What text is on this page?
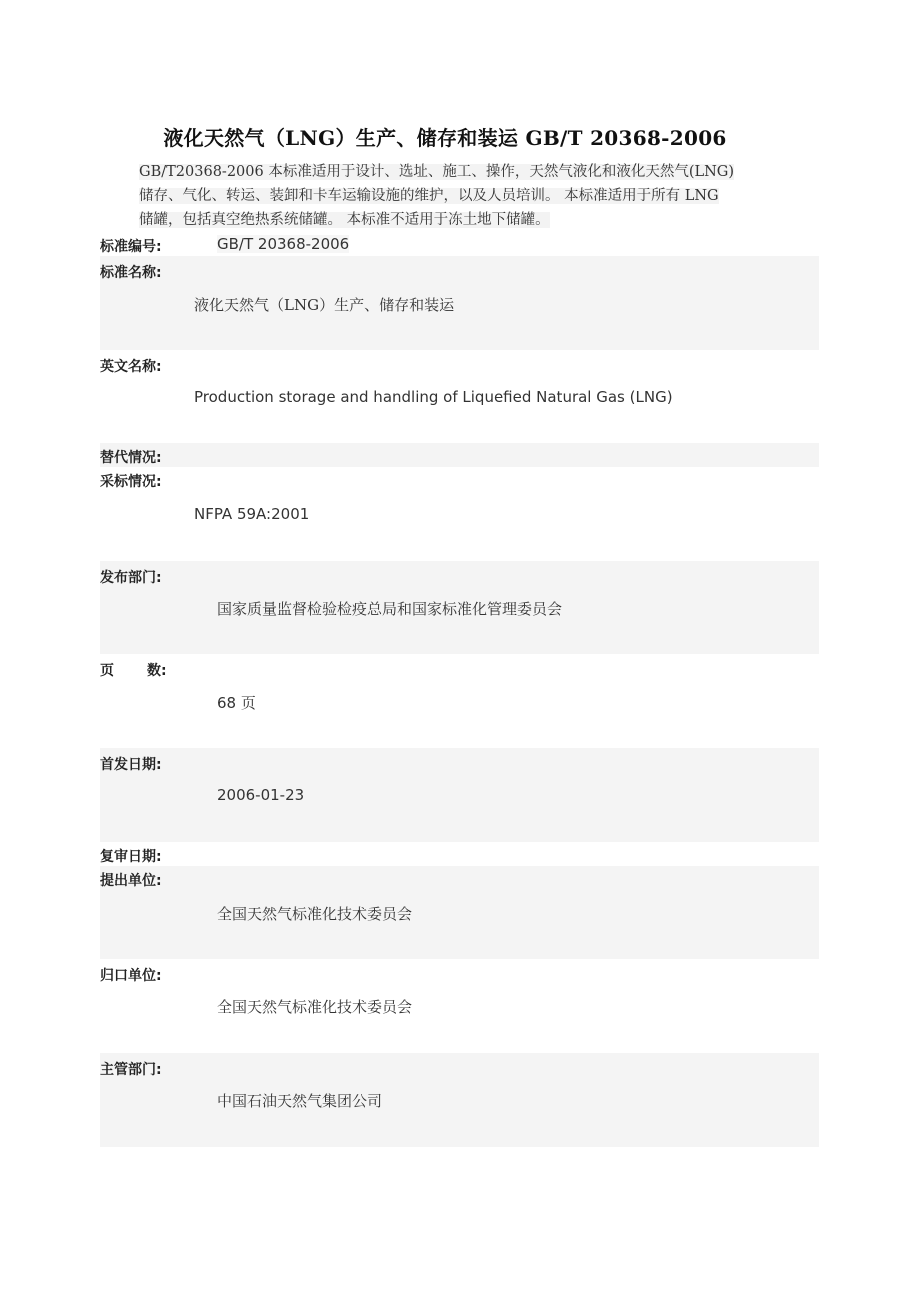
液化天然气（LNG）生产、储存和装运 GB/T 20368-2006
GB/T20368-2006 本标准适用于设计、选址、施工、操作，天然气液化和液化天然气(LNG)
储存、气化、转运、装卸和卡车运输设施的维护，以及人员培训。 本标准适用于所有 LNG
储罐，包括真空绝热系统储罐。 本标准不适用于冻土地下储罐。
标准编号:	GB/T 20368-2006
标准名称:
液化天然气（LNG）生产、储存和装运
英文名称:
Production storage and handling of Liquefied Natural Gas (LNG)
替代情况:
采标情况:
NFPA 59A:2001
发布部门:
国家质量监督检验检疫总局和国家标准化管理委员会
页 数:
68 页
首发日期:
2006-01-23
复审日期:
提出单位:
全国天然气标准化技术委员会
归口单位:
全国天然气标准化技术委员会
主管部门:
中国石油天然气集团公司
